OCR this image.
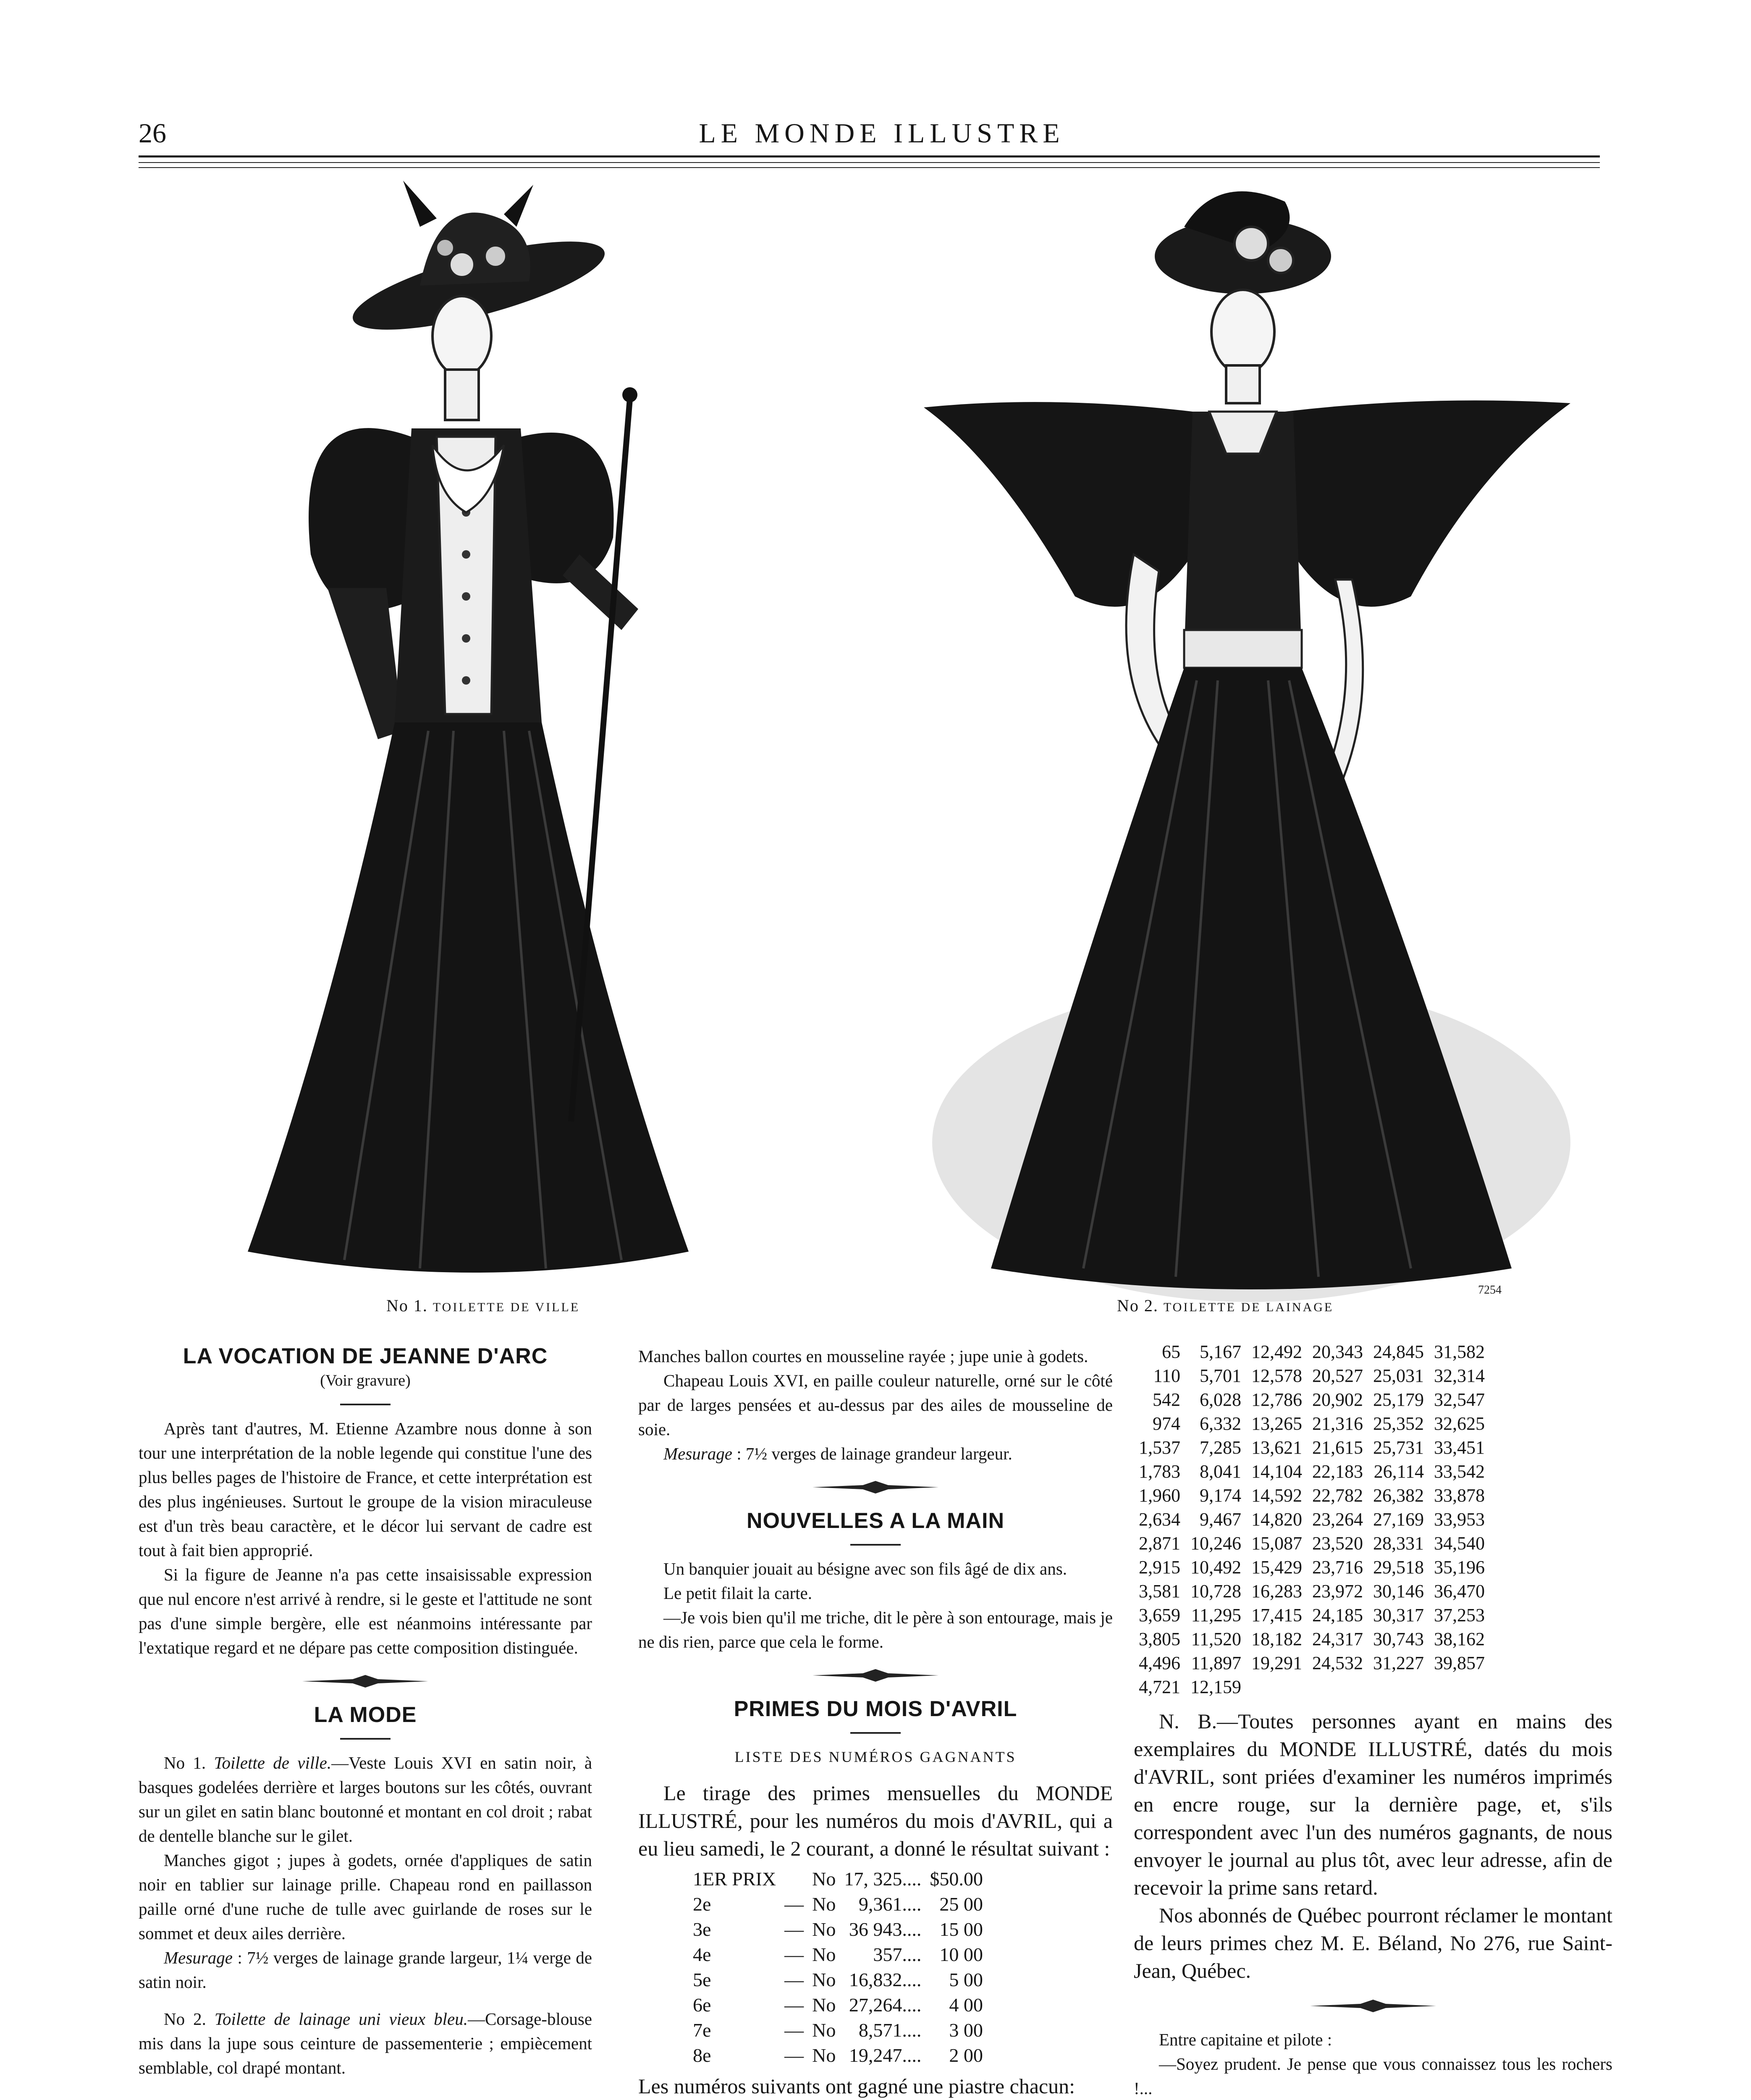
26	LE MONDE ILLUSTRE
No 1. TOILETTE DE VILLE
7254
No 2. TOILETTE DE LAINAGE
LA VOCATION DE JEANNE D'ARC
(Voir gravure)

Après tant d'autres, M. Etienne Azambre nous donne à son tour une interprétation de la noble legende qui constitue l'une des plus belles pages de l'histoire de France, et cette interprétation est des plus ingénieuses. Surtout le groupe de la vision miraculeuse est d'un très beau caractère, et le décor lui servant de cadre est tout à fait bien approprié.

Si la figure de Jeanne n'a pas cette insaisissable expression que nul encore n'est arrivé à rendre, si le geste et l'attitude ne sont pas d'une simple bergère, elle est néanmoins intéressante par l'extatique regard et ne dépare pas cette composition distinguée.

LA MODE

No 1. Toilette de ville.—Veste Louis XVI en satin noir, à basques godelées derrière et larges boutons sur les côtés, ouvrant sur un gilet en satin blanc boutonné et montant en col droit ; rabat de dentelle blanche sur le gilet.

Manches gigot ; jupes à godets, ornée d'appliques de satin noir en tablier sur lainage prille. Chapeau rond en paillasson paille orné d'une ruche de tulle avec guirlande de roses sur le sommet et deux ailes derrière.

Mesurage : 7½ verges de lainage grande largeur, 1¼ verge de satin noir.

No 2. Toilette de lainage uni vieux bleu.—Corsage-blouse mis dans la jupe sous ceinture de passementerie ; empiècement semblable, col drapé montant.

Manches ballon courtes en mousseline rayée ; jupe unie à godets.

Chapeau Louis XVI, en paille couleur naturelle, orné sur le côté par de larges pensées et au-dessus par des ailes de mousseline de soie.

Mesurage : 7½ verges de lainage grandeur largeur.

NOUVELLES A LA MAIN

Un banquier jouait au bésigne avec son fils âgé de dix ans.

Le petit filait la carte.

—Je vois bien qu'il me triche, dit le père à son entourage, mais je ne dis rien, parce que cela le forme.

PRIMES DU MOIS D'AVRIL
LISTE DES NUMÉROS GAGNANTS

Le tirage des primes mensuelles du MONDE ILLUSTRÉ, pour les numéros du mois d'AVRIL, qui a eu lieu samedi, le 2 courant, a donné le résultat suivant :

1ER PRIX		No	17, 325....	$50.00
2e	—	No	9,361....	25 00
3e	—	No	36 943....	15 00
4e	—	No	357....	10 00
5e	—	No	16,832....	5 00
6e	—	No	27,264....	4 00
7e	—	No	8,571....	3 00
8e	—	No	19,247....	2 00

Les numéros suivants ont gagné une piastre chacun:

65	5,167	12,492	20,343	24,845	31,582
110	5,701	12,578	20,527	25,031	32,314
542	6,028	12,786	20,902	25,179	32,547
974	6,332	13,265	21,316	25,352	32,625
1,537	7,285	13,621	21,615	25,731	33,451
1,783	8,041	14,104	22,183	26,114	33,542
1,960	9,174	14,592	22,782	26,382	33,878
2,634	9,467	14,820	23,264	27,169	33,953
2,871	10,246	15,087	23,520	28,331	34,540
2,915	10,492	15,429	23,716	29,518	35,196
3,581	10,728	16,283	23,972	30,146	36,470
3,659	11,295	17,415	24,185	30,317	37,253
3,805	11,520	18,182	24,317	30,743	38,162
4,496	11,897	19,291	24,532	31,227	39,857
4,721	12,159				

N. B.—Toutes personnes ayant en mains des exemplaires du MONDE ILLUSTRÉ, datés du mois d'AVRIL, sont priées d'examiner les numéros imprimés en encre rouge, sur la dernière page, et, s'ils correspondent avec l'un des numéros gagnants, de nous envoyer le journal au plus tôt, avec leur adresse, afin de recevoir la prime sans retard.

Nos abonnés de Québec pourront réclamer le montant de leurs primes chez M. E. Béland, No 276, rue Saint-Jean, Québec.

Entre capitaine et pilote :

—Soyez prudent. Je pense que vous connaissez tous les rochers !...
